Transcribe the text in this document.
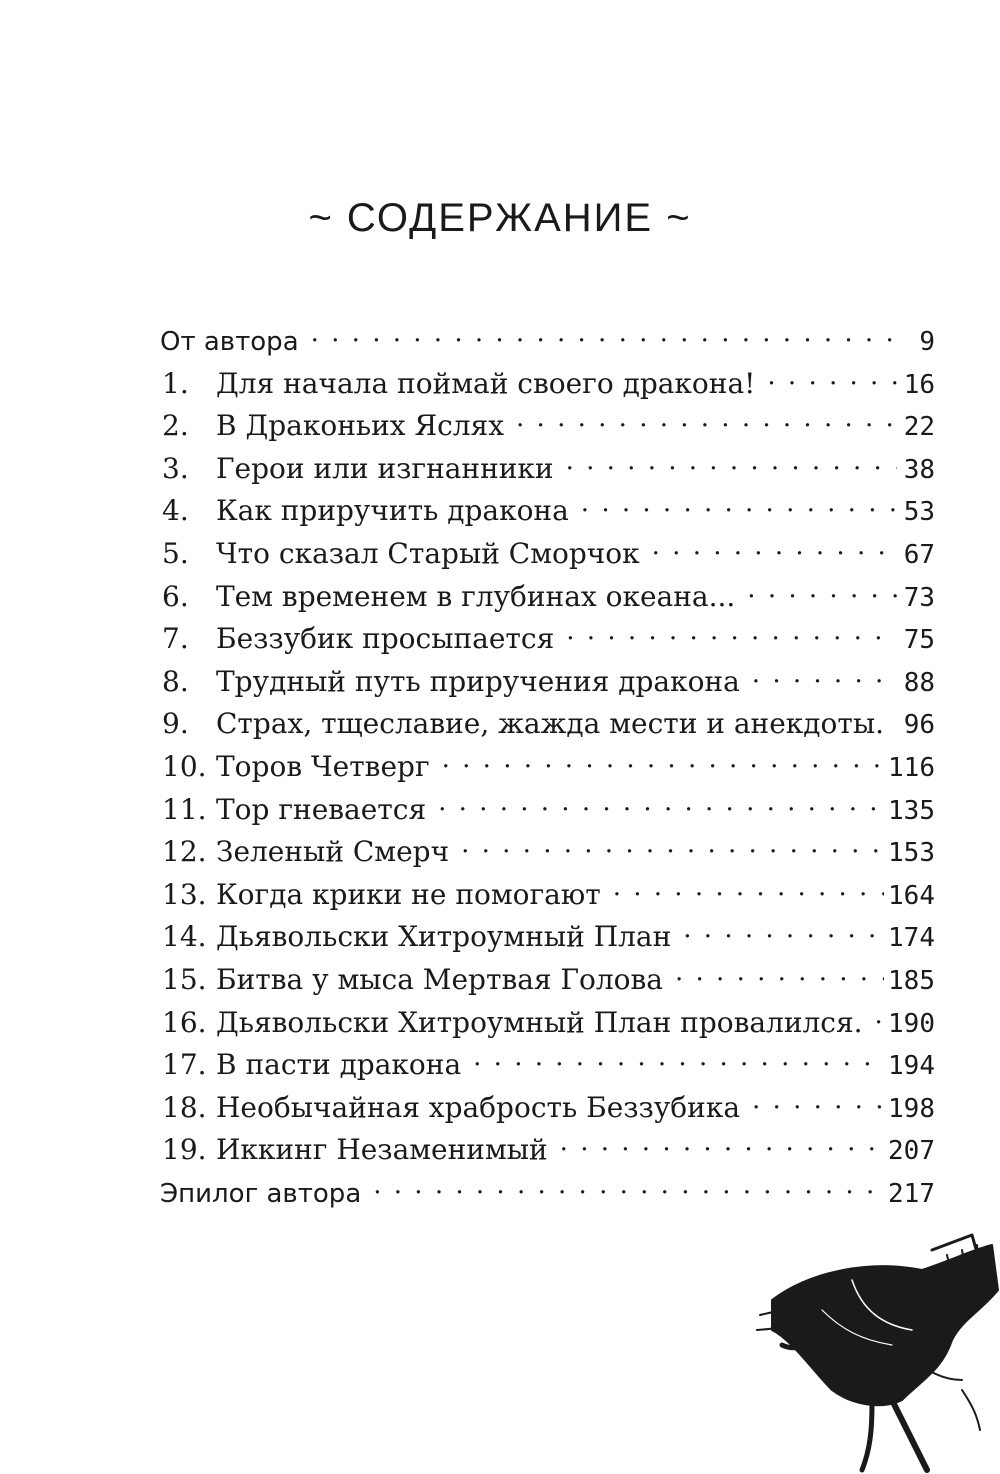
~ СОДЕРЖАНИЕ ~
От автора . . .	9
1. Для начала поймай своего дракона! . . .	16
2. В Драконьих Яслях . . .	22
3. Герои или изгнанники . . .	38
4. Как приручить дракона . . .	53
5. Что сказал Старый Сморчок . . .	67
6. Тем временем в глубинах океана... . . .	73
7. Беззубик просыпается . . .	75
8. Трудный путь приручения дракона . . .	88
9. Страх, тщеславие, жажда мести и анекдоты. . . . 96
10. Торов Четверг . . .	116
11. Тор гневается . . .	135
12. Зеленый Смерч . . .	153
13. Когда крики не помогают . . .	164
14. Дьявольски Хитроумный План . . .	174
15. Битва у мыса Мертвая Голова . . .	185
16. Дьявольски Хитроумный План провалился. . . . 190
17. В пасти дракона . . .	194
18. Необычайная храбрость Беззубика . . .	198
19. Иккинг Незаменимый . . .	207
Эпилог автора . . .	217
